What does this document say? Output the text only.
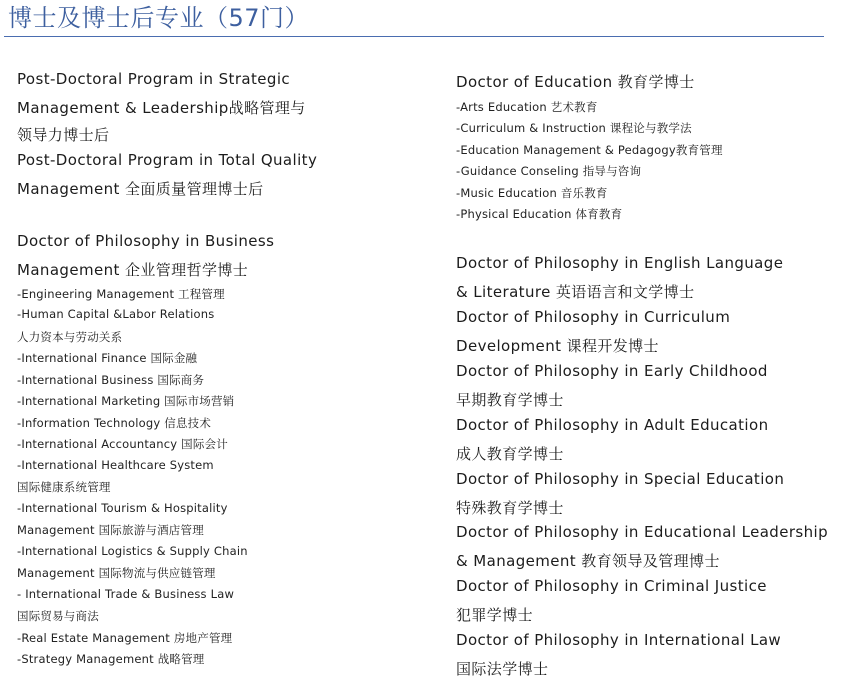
博士及博士后专业（57门）
Post-Doctoral Program in Strategic
Management & Leadership战略管理与
领导力博士后
Post-Doctoral Program in Total Quality
Management 全面质量管理博士后
Doctor of Philosophy in Business
Management 企业管理哲学博士
-Engineering Management 工程管理
-Human Capital &Labor Relations
人力资本与劳动关系
-International Finance 国际金融
-International Business 国际商务
-International Marketing 国际市场营销
-Information Technology 信息技术
-International Accountancy 国际会计
-International Healthcare System
国际健康系统管理
-International Tourism & Hospitality
Management 国际旅游与酒店管理
-International Logistics & Supply Chain
Management 国际物流与供应链管理
- International Trade & Business Law
国际贸易与商法
-Real Estate Management 房地产管理
-Strategy Management 战略管理
Doctor of Education 教育学博士
-Arts Education 艺术教育
-Curriculum & Instruction 课程论与教学法
-Education Management & Pedagogy教育管理
-Guidance Conseling 指导与咨询
-Music Education 音乐教育
-Physical Education 体育教育
Doctor of Philosophy in English Language
& Literature 英语语言和文学博士
Doctor of Philosophy in Curriculum
Development 课程开发博士
Doctor of Philosophy in Early Childhood
早期教育学博士
Doctor of Philosophy in Adult Education
成人教育学博士
Doctor of Philosophy in Special Education
特殊教育学博士
Doctor of Philosophy in Educational Leadership
& Management 教育领导及管理博士
Doctor of Philosophy in Criminal Justice
犯罪学博士
Doctor of Philosophy in International Law
国际法学博士
